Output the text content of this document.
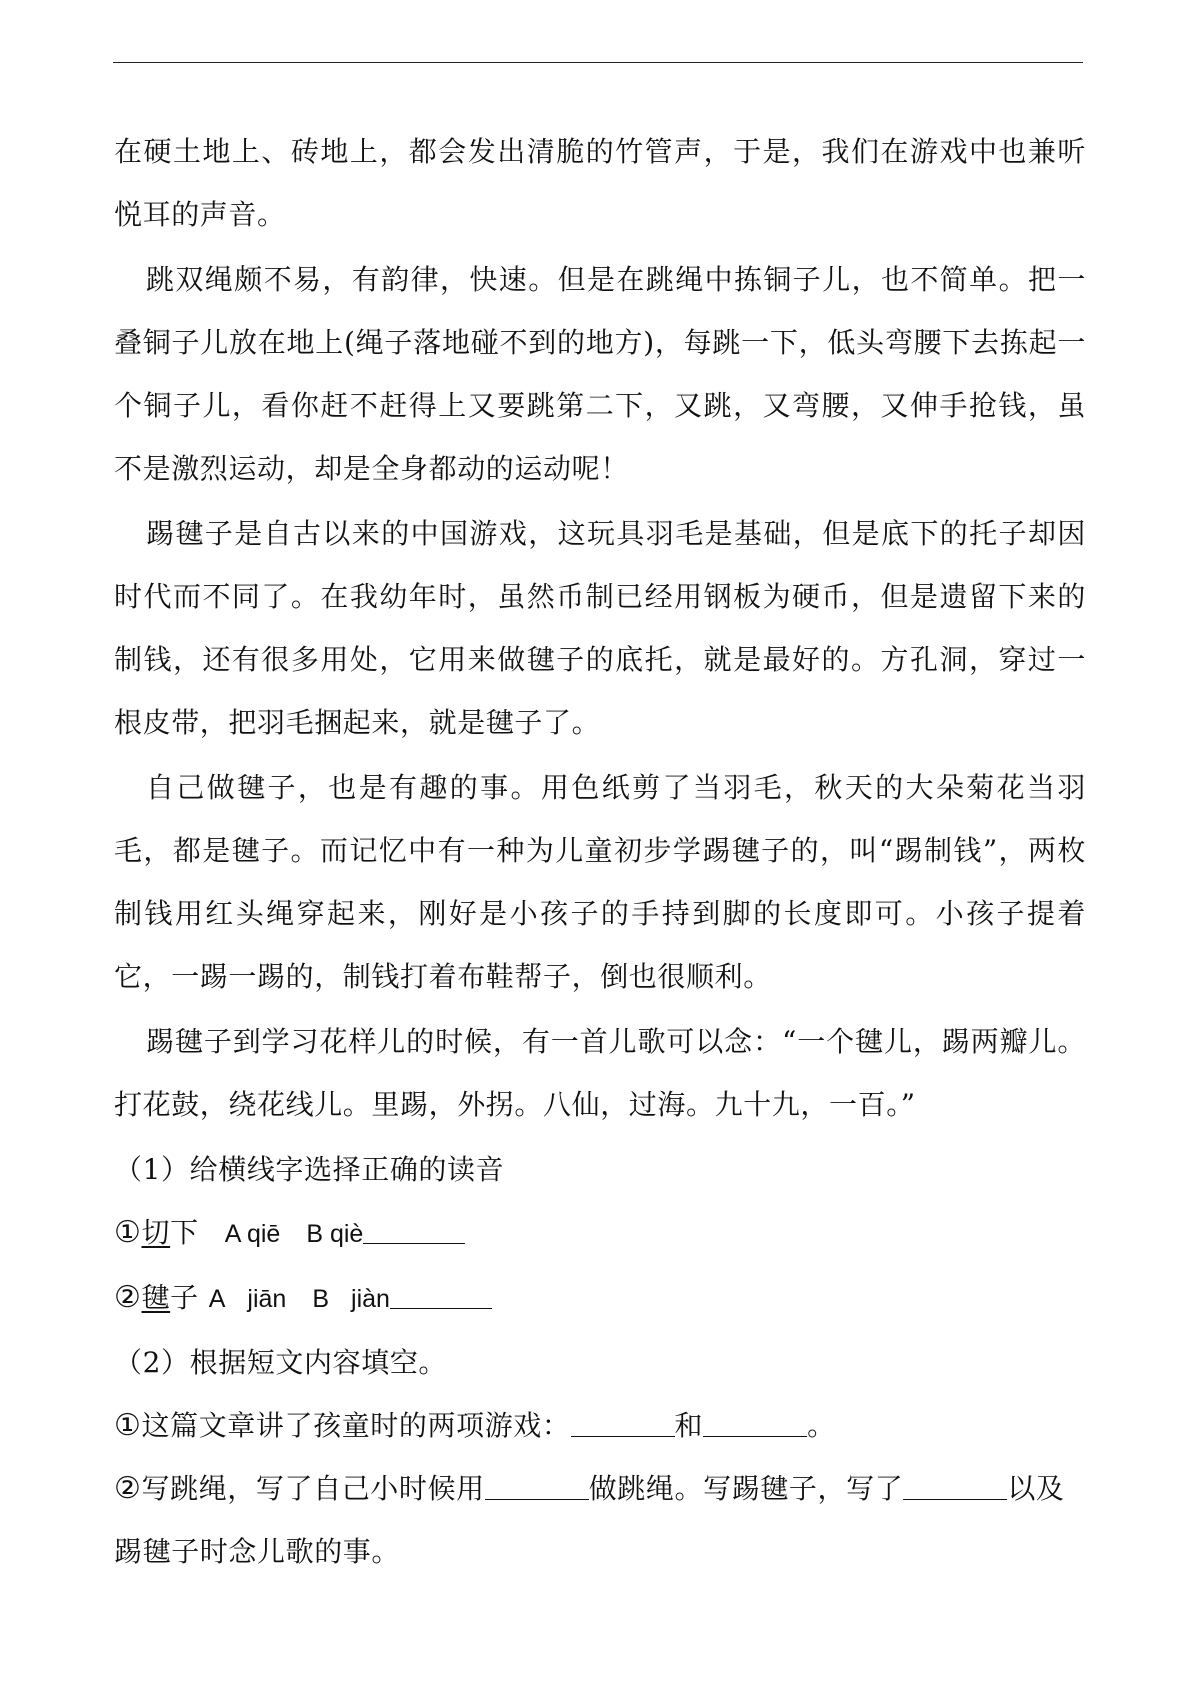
在硬土地上、砖地上，都会发出清脆的竹管声，于是，我们在游戏中也兼听悦耳的声音。

跳双绳颇不易，有韵律，快速。但是在跳绳中拣铜子儿，也不简单。把一叠铜子儿放在地上(绳子落地碰不到的地方)，每跳一下，低头弯腰下去拣起一个铜子儿，看你赶不赶得上又要跳第二下，又跳，又弯腰，又伸手抢钱，虽不是激烈运动，却是全身都动的运动呢！

踢毽子是自古以来的中国游戏，这玩具羽毛是基础，但是底下的托子却因时代而不同了。在我幼年时，虽然币制已经用钢板为硬币，但是遗留下来的制钱，还有很多用处，它用来做毽子的底托，就是最好的。方孔洞，穿过一根皮带，把羽毛捆起来，就是毽子了。

自己做毽子，也是有趣的事。用色纸剪了当羽毛，秋天的大朵菊花当羽毛，都是毽子。而记忆中有一种为儿童初步学踢毽子的，叫“踢制钱”，两枚制钱用红头绳穿起来，刚好是小孩子的手持到脚的长度即可。小孩子提着它，一踢一踢的，制钱打着布鞋帮子，倒也很顺利。

踢毽子到学习花样儿的时候，有一首儿歌可以念：“一个毽儿，踢两瓣儿。打花鼓，绕花线儿。里踢，外拐。八仙，过海。九十九，一百。”

（1）给横线字选择正确的读音

①切下 A qiē B qiè

②毽子 A jiān B jiàn

（2）根据短文内容填空。

①这篇文章讲了孩童时的两项游戏：	和	。

②写跳绳，写了自己小时候用	做跳绳。写踢毽子，写了	以及踢毽子时念儿歌的事。
